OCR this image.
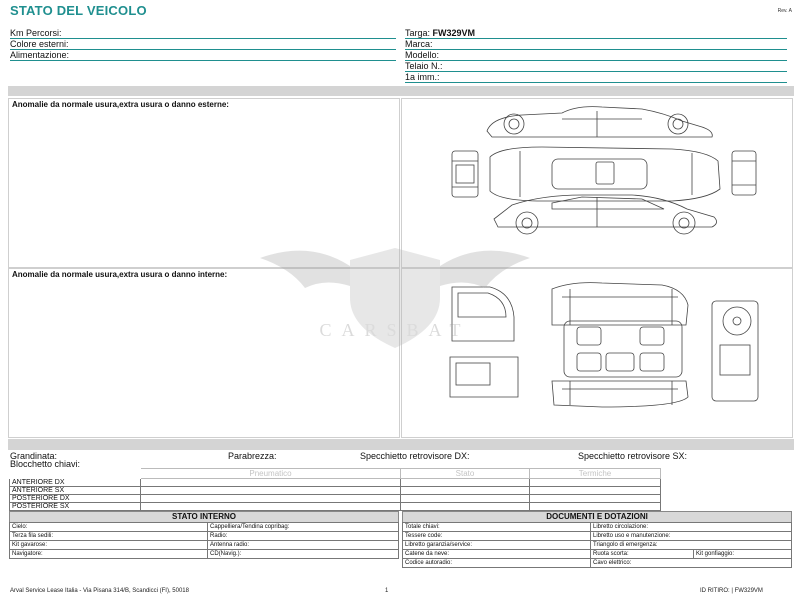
STATO DEL VEICOLO	Rev. A
Km Percorsi:
Colore esterni:
Alimentazione:
Targa: FW329VM
Marca:
Modello:
Telaio N.:
1a imm.:
Anomalie da normale usura,extra usura o danno esterne:
Anomalie da normale usura,extra usura o danno interne:
CARSBAT
Grandinata:	Parabrezza:	Specchietto retrovisore DX:	Specchietto retrovisore SX:
Blocchetto chiavi:
	Pneumatico	Stato	Termiche
ANTERIORE DX			
ANTERIORE SX			
POSTERIORE DX			
POSTERIORE SX			
STATO INTERNO
Cielo:	Cappelliera/Tendina copribag:
Terza fila sedili:	Radio:
Kit gavarose:	Antenna radio:
Navigatore:	CD(Navig.):
DOCUMENTI E DOTAZIONI
Totale chiavi:	Libretto circolazione:	
Tessere code:	Libretto uso e manutenzione:	
Libretto garanzia/service:	Triangolo di emergenza:	
Catene da neve:	Ruota scorta:	Kit gonfiaggio:
Codice autoradio:	Cavo elettrico:	
Arval Service Lease Italia - Via Pisana 314/B, Scandicci (FI), 50018	1	ID RITIRO: | FW329VM
